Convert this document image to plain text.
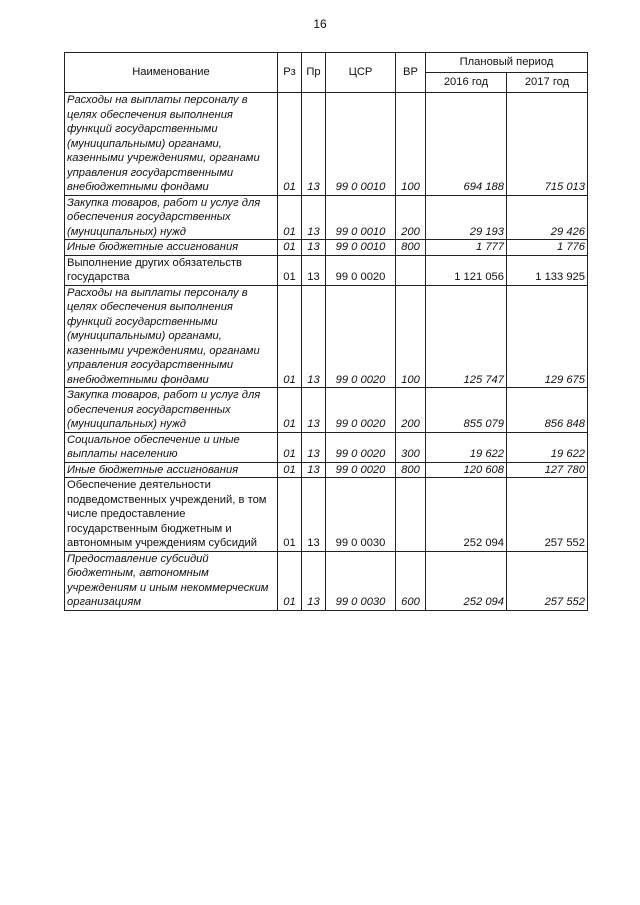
16
Наименование	Рз	Пр	ЦСР	ВР	Плановый период	
					2016 год	2017 год
Расходы на выплаты персоналу в целях обеспечения выполнения функций государственными (муниципальными) органами, казенными учреждениями, органами управления государственными внебюджетными фондами	01	13	99 0 0010	100	694 188	715 013
Закупка товаров, работ и услуг для обеспечения государственных (муниципальных) нужд	01	13	99 0 0010	200	29 193	29 426
Иные бюджетные ассигнования	01	13	99 0 0010	800	1 777	1 776
Выполнение других обязательств государства	01	13	99 0 0020		1 121 056	1 133 925
Расходы на выплаты персоналу в целях обеспечения выполнения функций государственными (муниципальными) органами, казенными учреждениями, органами управления государственными внебюджетными фондами	01	13	99 0 0020	100	125 747	129 675
Закупка товаров, работ и услуг для обеспечения государственных (муниципальных) нужд	01	13	99 0 0020	200	855 079	856 848
Социальное обеспечение и иные выплаты населению	01	13	99 0 0020	300	19 622	19 622
Иные бюджетные ассигнования	01	13	99 0 0020	800	120 608	127 780
Обеспечение деятельности подведомственных учреждений, в том числе предоставление государственным бюджетным и автономным учреждениям субсидий	01	13	99 0 0030		252 094	257 552
Предоставление субсидий бюджетным, автономным учреждениям и иным некоммерческим организациям	01	13	99 0 0030	600	252 094	257 552
